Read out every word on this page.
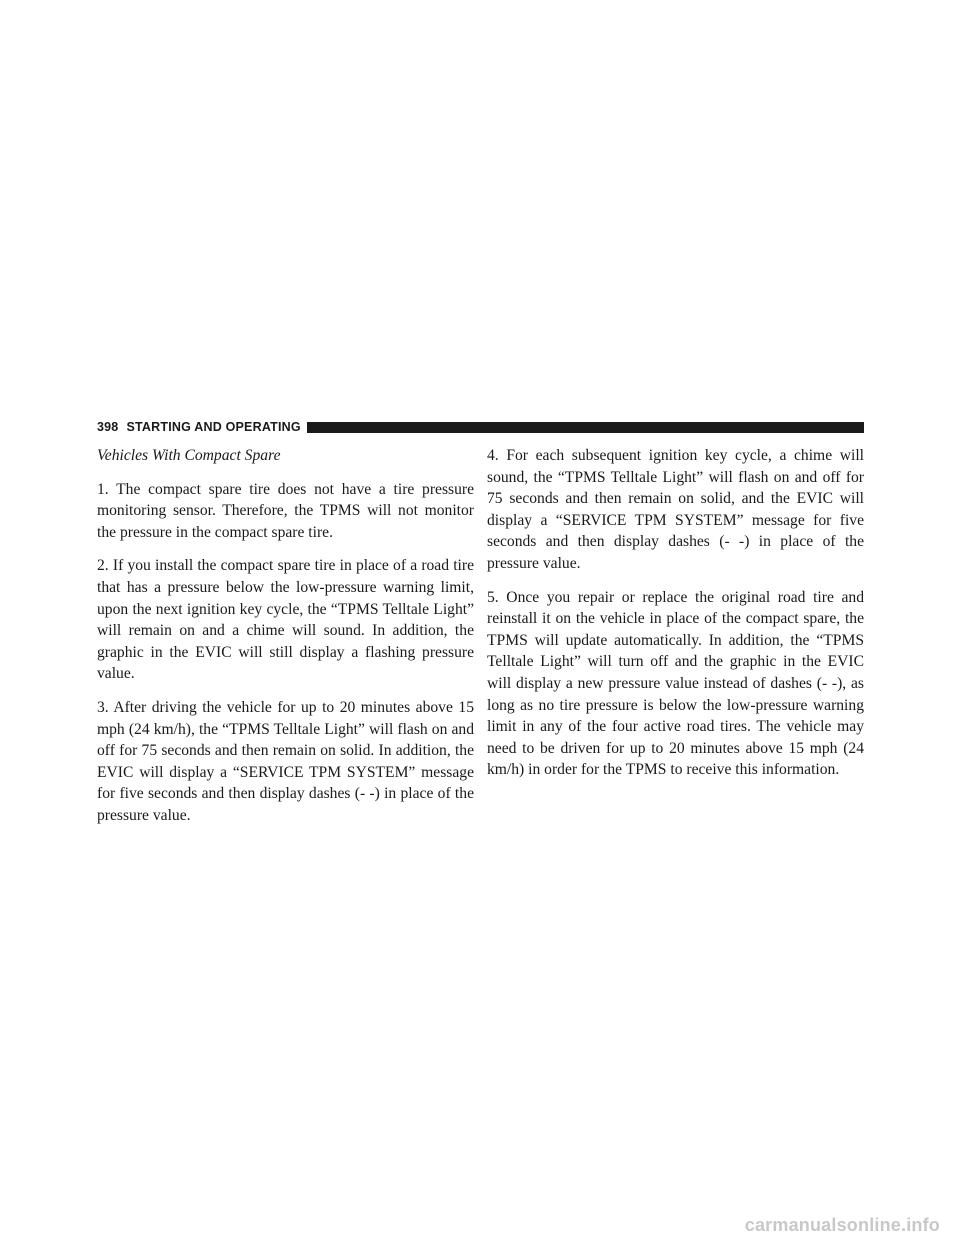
398 STARTING AND OPERATING
Vehicles With Compact Spare

1. The compact spare tire does not have a tire pressure monitoring sensor. Therefore, the TPMS will not monitor the pressure in the compact spare tire.

2. If you install the compact spare tire in place of a road tire that has a pressure below the low-pressure warning limit, upon the next ignition key cycle, the “TPMS Telltale Light” will remain on and a chime will sound. In addition, the graphic in the EVIC will still display a flashing pressure value.

3. After driving the vehicle for up to 20 minutes above 15 mph (24 km/h), the “TPMS Telltale Light” will flash on and off for 75 seconds and then remain on solid. In addition, the EVIC will display a “SERVICE TPM SYSTEM” message for five seconds and then display dashes (- -) in place of the pressure value.

4. For each subsequent ignition key cycle, a chime will sound, the “TPMS Telltale Light” will flash on and off for 75 seconds and then remain on solid, and the EVIC will display a “SERVICE TPM SYSTEM” message for five seconds and then display dashes (- -) in place of the pressure value.

5. Once you repair or replace the original road tire and reinstall it on the vehicle in place of the compact spare, the TPMS will update automatically. In addition, the “TPMS Telltale Light” will turn off and the graphic in the EVIC will display a new pressure value instead of dashes (- -), as long as no tire pressure is below the low-pressure warning limit in any of the four active road tires. The vehicle may need to be driven for up to 20 minutes above 15 mph (24 km/h) in order for the TPMS to receive this information.

carmanualsonline.info
